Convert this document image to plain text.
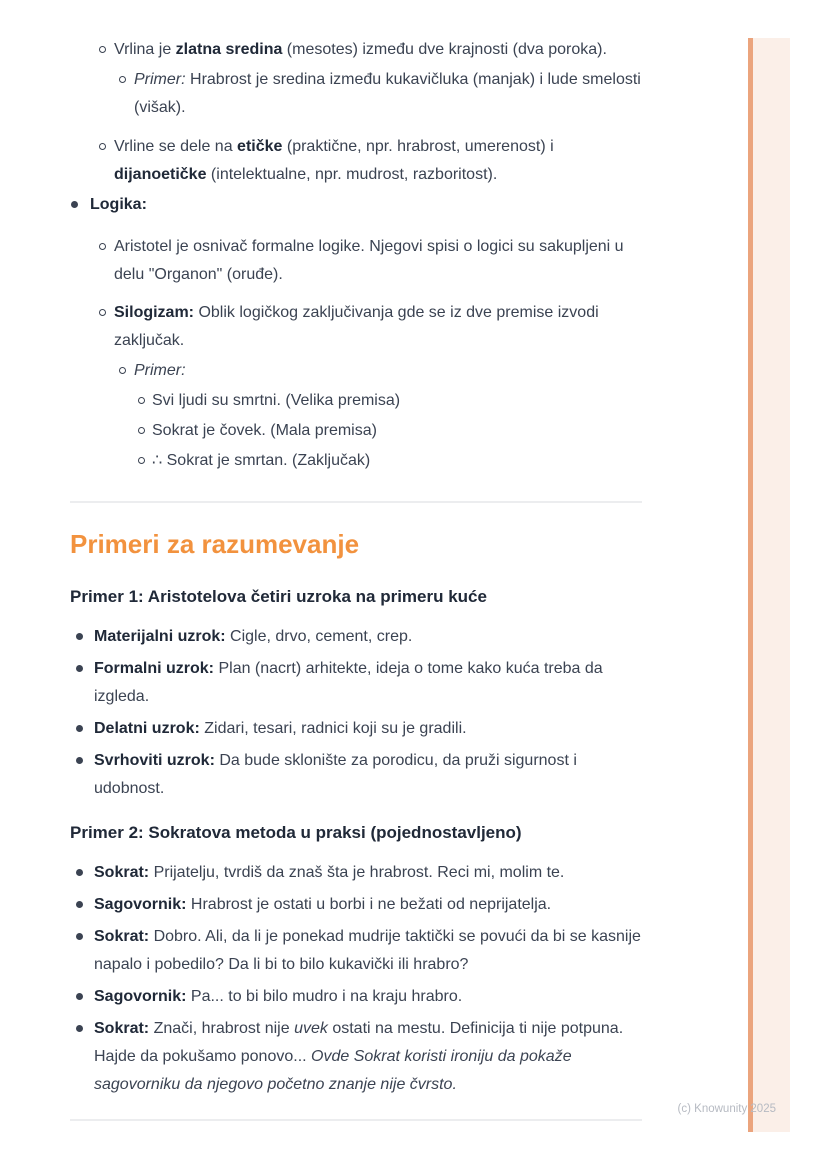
Vrlina je zlatna sredina (mesotes) između dve krajnosti (dva poroka).
Primer: Hrabrost je sredina između kukavičluka (manjak) i lude smelosti (višak).
Vrline se dele na etičke (praktične, npr. hrabrost, umerenost) i dijanoetičke (intelektualne, npr. mudrost, razboritost).
Logika:
Aristotel je osnivač formalne logike. Njegovi spisi o logici su sakupljeni u delu "Organon" (oruđe).
Silogizam: Oblik logičkog zaključivanja gde se iz dve premise izvodi zaključak.
Primer:
Svi ljudi su smrtni. (Velika premisa)
Sokrat je čovek. (Mala premisa)
∴ Sokrat je smrtan. (Zaključak)
Primeri za razumevanje
Primer 1: Aristotelova četiri uzroka na primeru kuće
Materijalni uzrok: Cigle, drvo, cement, crep.
Formalni uzrok: Plan (nacrt) arhitekte, ideja o tome kako kuća treba da izgleda.
Delatni uzrok: Zidari, tesari, radnici koji su je gradili.
Svrhoviti uzrok: Da bude sklonište za porodicu, da pruži sigurnost i udobnost.
Primer 2: Sokratova metoda u praksi (pojednostavljeno)
Sokrat: Prijatelju, tvrdiš da znaš šta je hrabrost. Reci mi, molim te.
Sagovornik: Hrabrost je ostati u borbi i ne bežati od neprijatelja.
Sokrat: Dobro. Ali, da li je ponekad mudrije taktički se povući da bi se kasnije napalo i pobedilo? Da li bi to bilo kukavički ili hrabro?
Sagovornik: Pa... to bi bilo mudro i na kraju hrabro.
Sokrat: Znači, hrabrost nije uvek ostati na mestu. Definicija ti nije potpuna. Hajde da pokušamo ponovo... Ovde Sokrat koristi ironiju da pokaže sagovorniku da njegovo početno znanje nije čvrsto.
(c) Knowunity 2025
